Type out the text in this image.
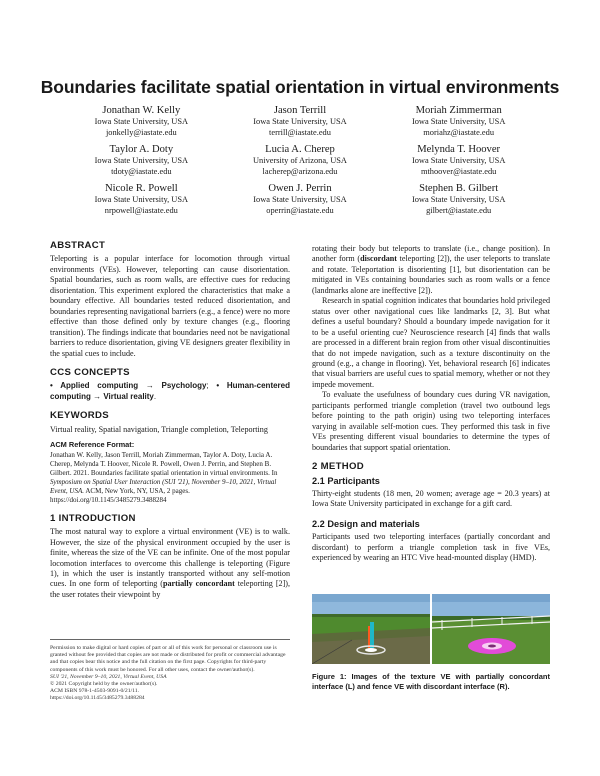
Boundaries facilitate spatial orientation in virtual environments
Jonathan W. Kelly
Iowa State University, USA
jonkelly@iastate.edu
Jason Terrill
Iowa State University, USA
terrill@iastate.edu
Moriah Zimmerman
Iowa State University, USA
moriahz@iastate.edu
Taylor A. Doty
Iowa State University, USA
tdoty@iastate.edu
Lucia A. Cherep
University of Arizona, USA
lacherep@arizona.edu
Melynda T. Hoover
Iowa State University, USA
mthoover@iastate.edu
Nicole R. Powell
Iowa State University, USA
nrpowell@iastate.edu
Owen J. Perrin
Iowa State University, USA
operrin@iastate.edu
Stephen B. Gilbert
Iowa State University, USA
gilbert@iastate.edu
ABSTRACT

Teleporting is a popular interface for locomotion through virtual environments (VEs). However, teleporting can cause disorientation. Spatial boundaries, such as room walls, are effective cues for reducing disorientation. This experiment explored the characteristics that make a boundary effective. All boundaries tested reduced disorientation, and boundaries representing navigational barriers (e.g., a fence) were no more effective than those defined only by texture changes (e.g., flooring transition). The findings indicate that boundaries need not be navigational barriers to reduce disorientation, giving VE designers greater flexibility in the spatial cues to include.

CCS CONCEPTS

• Applied computing → Psychology; • Human-centered computing → Virtual reality.

KEYWORDS

Virtual reality, Spatial navigation, Triangle completion, Teleporting

ACM Reference Format:

Jonathan W. Kelly, Jason Terrill, Moriah Zimmerman, Taylor A. Doty, Lucia A. Cherep, Melynda T. Hoover, Nicole R. Powell, Owen J. Perrin, and Stephen B. Gilbert. 2021. Boundaries facilitate spatial orientation in virtual environments. In Symposium on Spatial User Interaction (SUI '21), November 9–10, 2021, Virtual Event, USA. ACM, New York, NY, USA, 2 pages. https://doi.org/10.1145/3485279.3488284

1 INTRODUCTION

The most natural way to explore a virtual environment (VE) is to walk. However, the size of the physical environment occupied by the user is finite, whereas the size of the VE can be infinite. One of the most popular locomotion interfaces to overcome this challenge is teleporting (Figure 1), in which the user is instantly transported without any self-motion cues. In one form of teleporting (partially concordant teleporting [2]), the user rotates their viewpoint by

Permission to make digital or hard copies of part or all of this work for personal or classroom use is granted without fee provided that copies are not made or distributed for profit or commercial advantage and that copies bear this notice and the full citation on the first page. Copyrights for third-party components of this work must be honored. For all other uses, contact the owner/author(s).

SUI '21, November 9–10, 2021, Virtual Event, USA

© 2021 Copyright held by the owner/author(s).

ACM ISBN 978-1-4503-9091-0/21/11.

https://doi.org/10.1145/3485279.3488284

rotating their body but teleports to translate (i.e., change position). In another form (discordant teleporting [2]), the user teleports to translate and rotate. Teleportation is disorienting [1], but disorientation can be mitigated in VEs containing boundaries such as room walls or a fence (landmarks alone are ineffective [2]).

Research in spatial cognition indicates that boundaries hold privileged status over other navigational cues like landmarks [2, 3]. But what defines a useful boundary? Should a boundary impede navigation for it to be a useful orienting cue? Neuroscience research [4] finds that walls are processed in a different brain region from other visual discontinuities that do not impede navigation, such as a texture discontinuity on the ground (e.g., a change in flooring). Yet, behavioral research [6] indicates that visual barriers are useful cues to spatial memory, whether or not they impede movement.

To evaluate the usefulness of boundary cues during VR navigation, participants performed triangle completion (travel two outbound legs before pointing to the path origin) using two teleporting interfaces varying in available self-motion cues. They performed this task in five VEs presenting different visual boundaries to determine the types of boundaries that support spatial orientation.

2 METHOD
2.1 Participants

Thirty-eight students (18 men, 20 women; average age = 20.3 years) at Iowa State University participated in exchange for a gift card.

2.2 Design and materials

Participants used two teleporting interfaces (partially concordant and discordant) to perform a triangle completion task in five VEs, experienced by wearing an HTC Vive head-mounted display (HMD).

Figure 1: Images of the texture VE with partially concordant interface (L) and fence VE with discordant interface (R).
